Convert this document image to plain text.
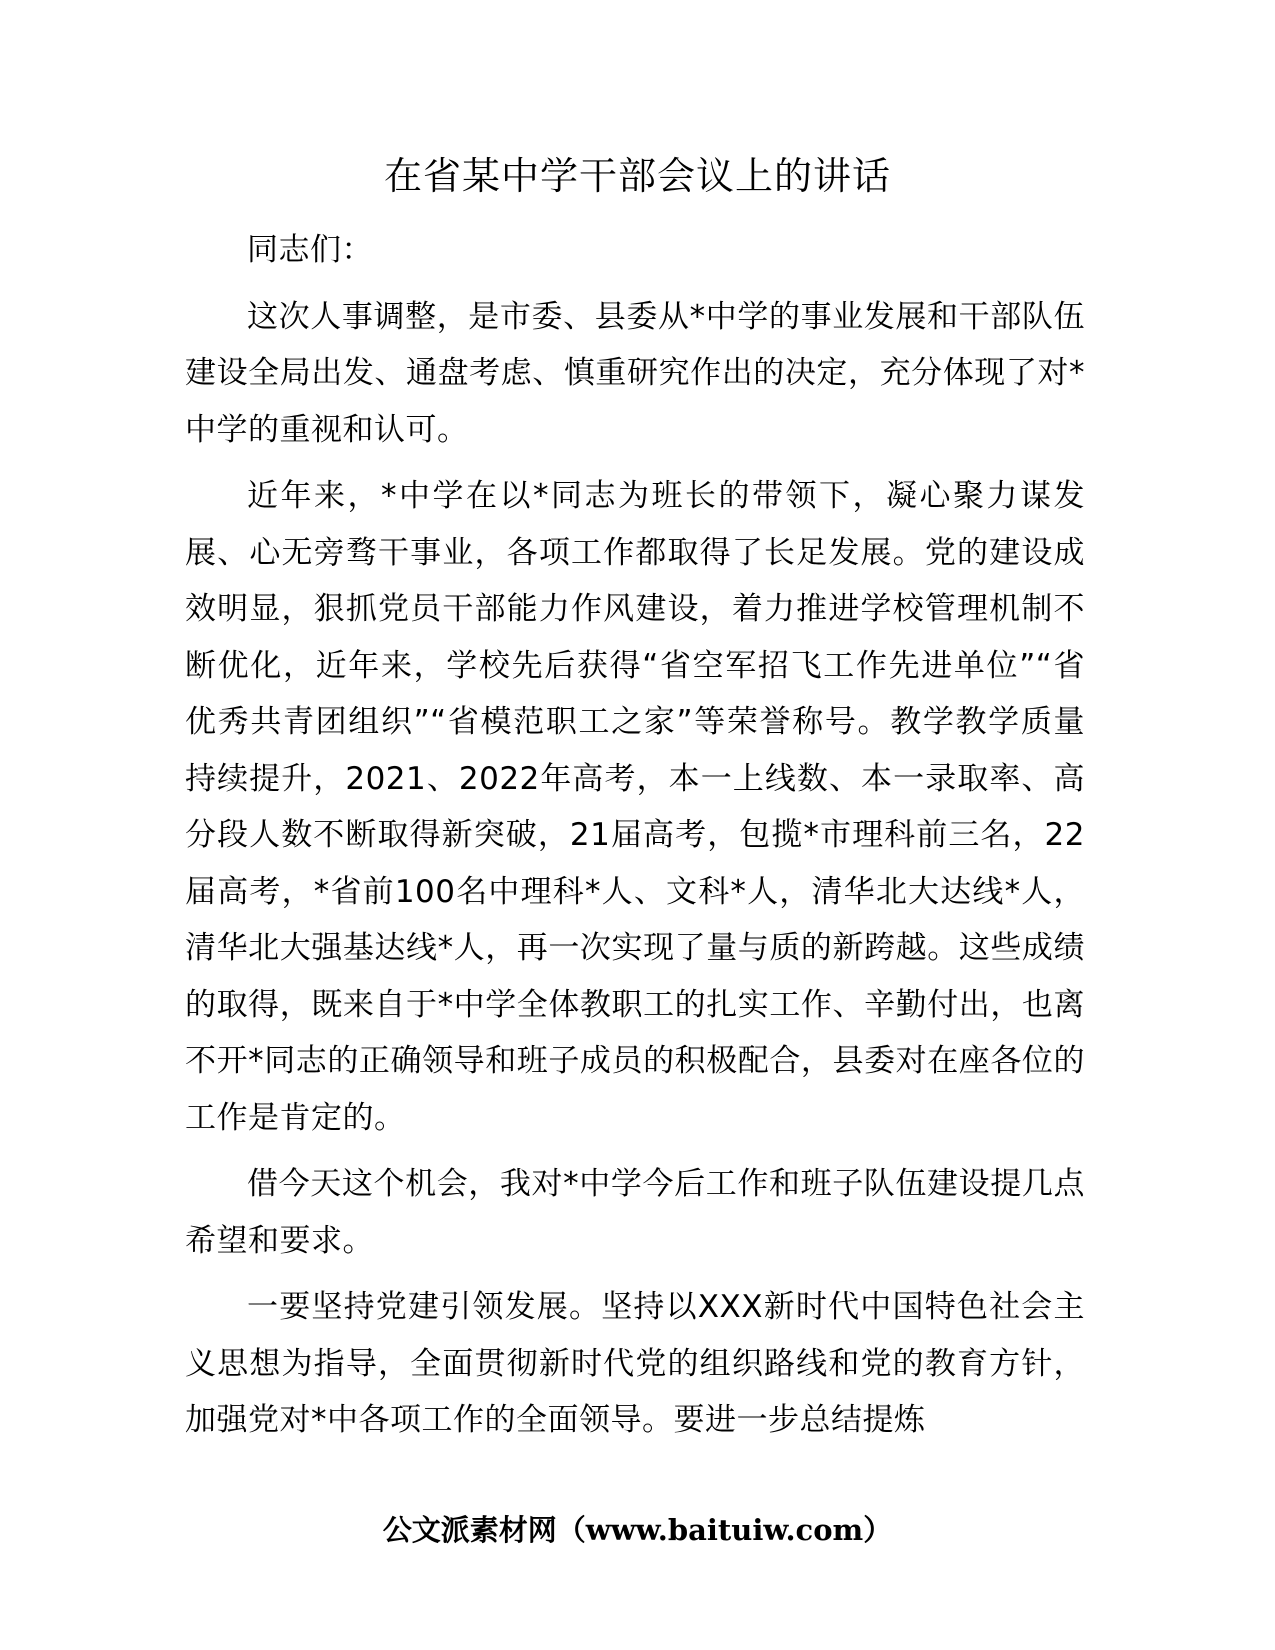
在省某中学干部会议上的讲话

同志们：

这次人事调整，是市委、县委从*中学的事业发展和干部队伍建设全局出发、通盘考虑、慎重研究作出的决定，充分体现了对*中学的重视和认可。

近年来，*中学在以*同志为班长的带领下，凝心聚力谋发展、心无旁骛干事业，各项工作都取得了长足发展。党的建设成效明显，狠抓党员干部能力作风建设，着力推进学校管理机制不断优化，近年来，学校先后获得“省空军招飞工作先进单位”“省优秀共青团组织”“省模范职工之家”等荣誉称号。教学教学质量持续提升，2021、2022年高考，本一上线数、本一录取率、高分段人数不断取得新突破，21届高考，包揽*市理科前三名，22届高考，*省前100名中理科*人、文科*人，清华北大达线*人，清华北大强基达线*人，再一次实现了量与质的新跨越。这些成绩的取得，既来自于*中学全体教职工的扎实工作、辛勤付出，也离不开*同志的正确领导和班子成员的积极配合，县委对在座各位的工作是肯定的。

借今天这个机会，我对*中学今后工作和班子队伍建设提几点希望和要求。

一要坚持党建引领发展。坚持以XXX新时代中国特色社会主义思想为指导，全面贯彻新时代党的组织路线和党的教育方针，加强党对*中各项工作的全面领导。要进一步总结提炼

公文派素材网（www.baituiw.com）
